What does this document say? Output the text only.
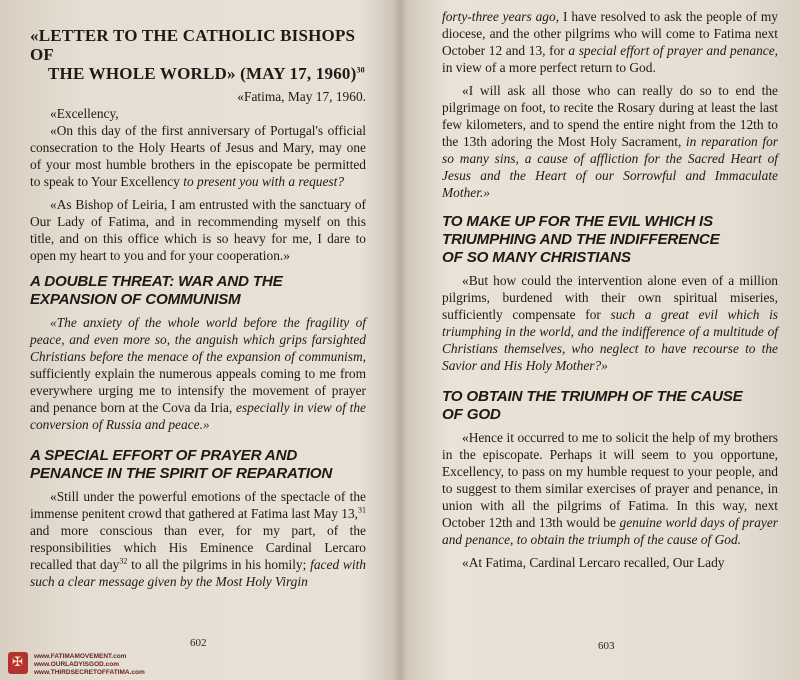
«LETTER TO THE CATHOLIC BISHOPS OF
THE WHOLE WORLD» (MAY 17, 1960)$^{30}$

«Fatima, May 17, 1960.

«Excellency,

«On this day of the first anniversary of Portugal's official consecration to the Holy Hearts of Jesus and Mary, may one of your most humble brothers in the episcopate be permitted to speak to Your Excellency to present you with a request?

«As Bishop of Leiria, I am entrusted with the sanctuary of Our Lady of Fatima, and in recommending myself on this title, and on this office which is so heavy for me, I dare to open my heart to you and for your cooperation.»

A DOUBLE THREAT: WAR AND THE
EXPANSION OF COMMUNISM

«The anxiety of the whole world before the fragility of peace, and even more so, the anguish which grips farsighted Christians before the menace of the expansion of communism, sufficiently explain the numerous appeals coming to me from everywhere urging me to intensify the movement of prayer and penance born at the Cova da Iria, especially in view of the conversion of Russia and peace.»

A SPECIAL EFFORT OF PRAYER AND
PENANCE IN THE SPIRIT OF REPARATION

«Still under the powerful emotions of the spectacle of the immense penitent crowd that gathered at Fatima last May 13,31 and more conscious than ever, for my part, of the responsibilities which His Eminence Cardinal Lercaro recalled that day$^{32}$ to all the pilgrims in his homily; faced with such a clear message given by the Most Holy Virgin

602
✠
www.FATIMAMOVEMENT.com
www.OURLADYISGOD.com
www.THIRDSECRETOFFATIMA.com

forty-three years ago, I have resolved to ask the people of my diocese, and the other pilgrims who will come to Fatima next October 12 and 13, for a special effort of prayer and penance, in view of a more perfect return to God.

«I will ask all those who can really do so to end the pilgrimage on foot, to recite the Rosary during at least the last few kilometers, and to spend the entire night from the 12th to the 13th adoring the Most Holy Sacrament, in reparation for so many sins, a cause of affliction for the Sacred Heart of Jesus and the Heart of our Sorrowful and Immaculate Mother.»

TO MAKE UP FOR THE EVIL WHICH IS
TRIUMPHING AND THE INDIFFERENCE
OF SO MANY CHRISTIANS

«But how could the intervention alone even of a million pilgrims, burdened with their own spiritual miseries, sufficiently compensate for such a great evil which is triumphing in the world, and the indifference of a multitude of Christians themselves, who neglect to have recourse to the Savior and His Holy Mother?»

TO OBTAIN THE TRIUMPH OF THE CAUSE
OF GOD

«Hence it occurred to me to solicit the help of my brothers in the episcopate. Perhaps it will seem to you opportune, Excellency, to pass on my humble request to your people, and to suggest to them similar exercises of prayer and penance, in union with all the pilgrims of Fatima. In this way, next October 12th and 13th would be genuine world days of prayer and penance, to obtain the triumph of the cause of God.

«At Fatima, Cardinal Lercaro recalled, Our Lady

603
